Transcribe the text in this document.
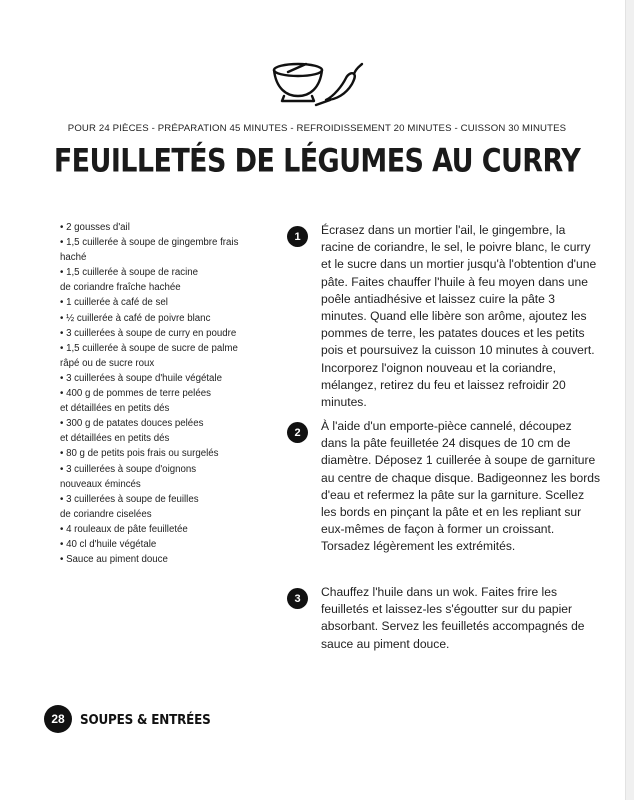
POUR 24 PIÈCES - PRÉPARATION 45 MINUTES - REFROIDISSEMENT 20 MINUTES - CUISSON 30 MINUTES
FEUILLETÉS DE LÉGUMES AU CURRY
• 2 gousses d'ail
• 1,5 cuillerée à soupe de gingembre frais
haché
• 1,5 cuillerée à soupe de racine
de coriandre fraîche hachée
• 1 cuillerée à café de sel
• ½ cuillerée à café de poivre blanc
• 3 cuillerées à soupe de curry en poudre
• 1,5 cuillerée à soupe de sucre de palme
râpé ou de sucre roux
• 3 cuillerées à soupe d'huile végétale
• 400 g de pommes de terre pelées
et détaillées en petits dés
• 300 g de patates douces pelées
et détaillées en petits dés
• 80 g de petits pois frais ou surgelés
• 3 cuillerées à soupe d'oignons
nouveaux émincés
• 3 cuillerées à soupe de feuilles
de coriandre ciselées
• 4 rouleaux de pâte feuilletée
• 40 cl d'huile végétale
• Sauce au piment douce
1	Écrasez dans un mortier l'ail, le gingembre, la racine de coriandre, le sel, le poivre blanc, le curry et le sucre dans un mortier jusqu'à l'obtention d'une pâte. Faites chauffer l'huile à feu moyen dans une poêle antiadhésive et laissez cuire la pâte 3 minutes. Quand elle libère son arôme, ajoutez les pommes de terre, les patates douces et les petits pois et poursuivez la cuisson 10 minutes à couvert. Incorporez l'oignon nouveau et la coriandre, mélangez, retirez du feu et laissez refroidir 20 minutes.

2	À l'aide d'un emporte-pièce cannelé, découpez dans la pâte feuilletée 24 disques de 10 cm de diamètre. Déposez 1 cuillerée à soupe de garniture au centre de chaque disque. Badigeonnez les bords d'eau et refermez la pâte sur la garniture. Scellez les bords en pinçant la pâte et en les repliant sur eux-mêmes de façon à former un croissant. Torsadez légèrement les extrémités.

3	Chauffez l'huile dans un wok. Faites frire les feuilletés et laissez-les s'égoutter sur du papier absorbant. Servez les feuilletés accompagnés de sauce au piment douce.

28	SOUPES & ENTRÉES
